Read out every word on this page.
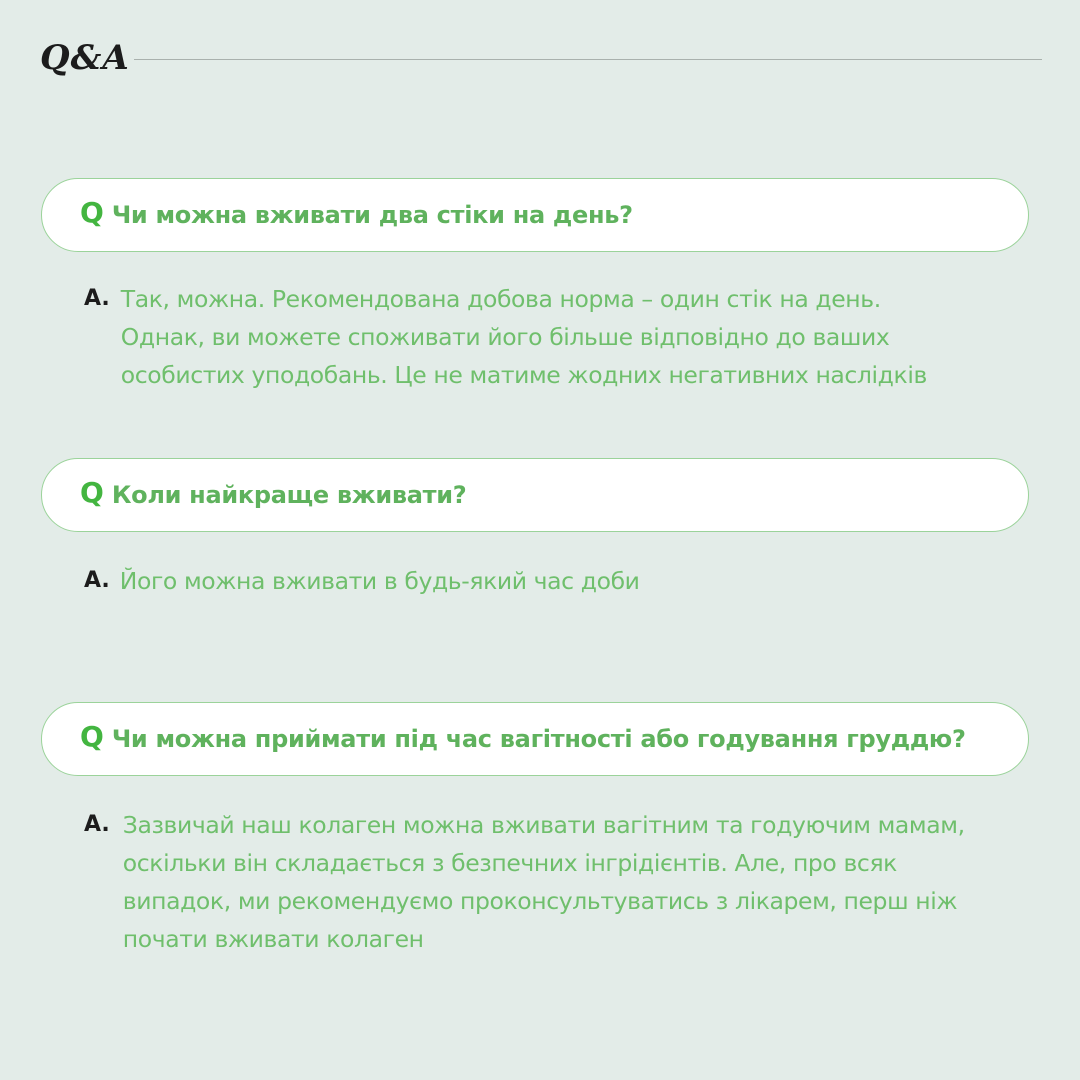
Q&A
Q Чи можна вживати два стіки на день?
A. Так, можна. Рекомендована добова норма – один стік на день.
Однак, ви можете споживати його більше відповідно до ваших
особистих уподобань. Це не матиме жодних негативних наслідків
Q Коли найкраще вживати?
A. Його можна вживати в будь-який час доби
Q Чи можна приймати під час вагітності або годування груддю?
A. Зазвичай наш колаген можна вживати вагітним та годуючим мамам,
оскільки він складається з безпечних інгрідієнтів. Але, про всяк
випадок, ми рекомендуємо проконсультуватись з лікарем, перш ніж
почати вживати колаген
